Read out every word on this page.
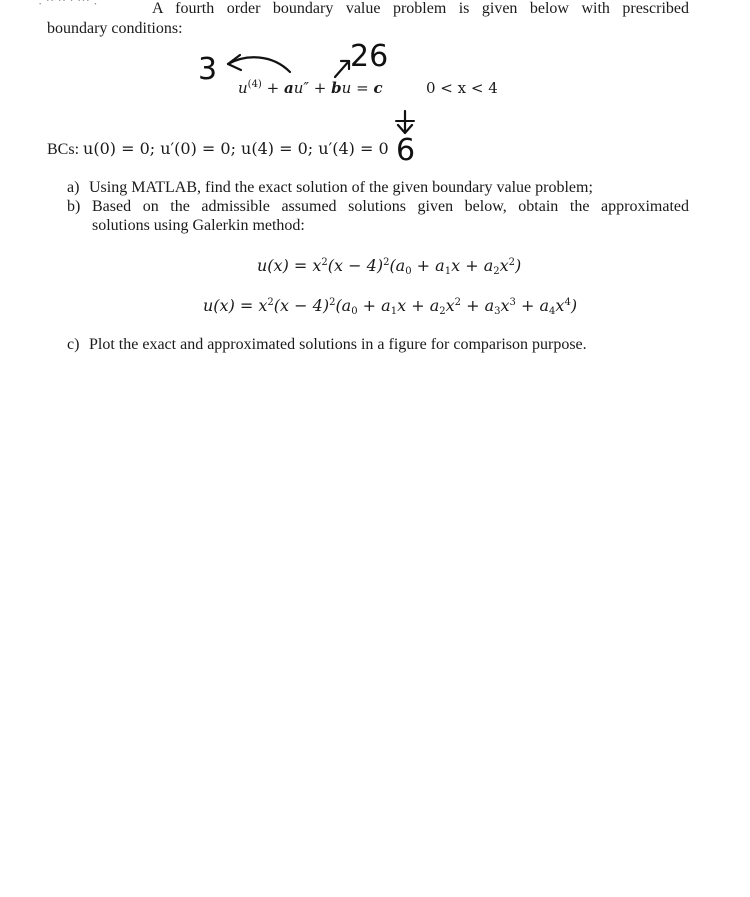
· ˙˙ ˙˙ ˙ ˙˙˙ ·	A fourth order boundary value problem is given below with prescribed
boundary conditions:
3	26
6
$u^{(4)} + au''$ + bu = c	0 < x < 4
BCs: u(0) = 0; u′(0) = 0; u(4) = 0; u′(4) = 0
a) Using MATLAB, find the exact solution of the given boundary value problem;
b) Based on the admissible assumed solutions given below, obtain the approximated
solutions using Galerkin method:
$u(x) = x^2(x - 4)^2(a_0 + a_1x + a_2x^2)$
$u(x) = x^2(x - 4)^2(a_0 + a_1x + a_2x^2 + a_3x^3 + a_4x^4)$
c) Plot the exact and approximated solutions in a figure for comparison purpose.
